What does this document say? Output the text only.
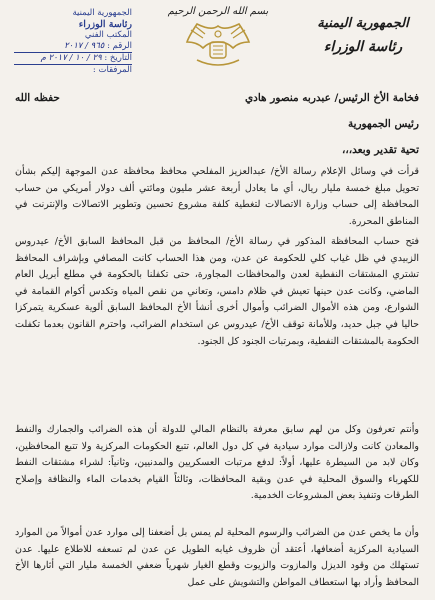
الجمهورية اليمنية
رئاسة الوزراء
بسم الله الرحمن الرحيم
الجمهورية اليمنية
رئاسة الوزراء
المكتب الفني
الرقم : ٩٦٥ / ٢٠١٧
التاريخ : ٢٩ / ١٠ / ٢٠١٧ م
المرفقات :
فخامة الأخ الرئيس/ عبدربه منصور هادي
حفظه الله
رئيس الجمهورية
تحية تقدير وبعد،،،
قرأت في وسائل الإعلام رسالة الأخ/ عبدالعزيز المفلحي محافظ محافظة عدن الموجهة إليكم بشأن تحويل مبلغ خمسة مليار ريال، أي ما يعادل أربعة عشر مليون ومائتي ألف دولار أمريكي من حساب المحافظة إلى حساب وزارة الاتصالات لتغطية كلفة مشروع تحسين وتطوير الاتصالات والإنترنت في المناطق المحررة.
فتح حساب المحافظة المذكور في رسالة الأخ/ المحافظ من قبل المحافظ السابق الأخ/ عيدروس الزبيدي في ظل غياب كلي للحكومة عن عدن، ومن هذا الحساب كانت المصافي وبإشراف المحافظ تشتري المشتقات النفطية لعدن والمحافظات المجاورة، حتى تكفلنا بالحكومة في مطلع أبريل العام الماضي، وكانت عدن حينها تعيش في ظلام دامس، وتعاني من نقص المياه وتكدس أكوام القمامة في الشوارع، ومن هذه الأموال الضرائب وأموال أخرى أنشأ الأخ المحافظ السابق ألوية عسكرية يتمركزا حاليا في جبل حديد، وللأمانة توقف الأخ/ عيدروس عن استخدام الضرائب، واحترم القانون بعدما تكفلت الحكومة بالمشتقات النفطية، وبمرتبات الجنود كل الجنود.
وأنتم تعرفون وكل من لهم سابق معرفة بالنظام المالي للدولة أن هذه الضرائب والجمارك والنفط والمعادن كانت ولازالت موارد سيادية في كل دول العالم، تتبع الحكومات المركزية ولا تتبع المحافظين، وكان لابد من السيطرة عليها، أولاً: لدفع مرتبات العسكريين والمدنيين، وثانياً: لشراء مشتقات النفط للكهرباء والسوق المحلية في عدن وبقية المحافظات، وثالثاً القيام بخدمات الماء والنظافة وإصلاح الطرقات وتنفيذ بعض المشروعات الخدمية.
وأن ما يخص عدن من الضرائب والرسوم المحلية لم يمس بل أضعفنا إلى موارد عدن أموالاً من الموارد السيادية المركزية أضعافها، أعتقد أن ظروف غيابه الطويل عن عدن لم تسعفه للاطلاع عليها. عدن تستهلك من وقود الديزل والمازوت والزيوت وقطع الغيار شهرياً ضعفي الخمسة مليار التي أثارها الأخ المحافظ وأراد بها استعطاف المواطن والتشويش على عمل
